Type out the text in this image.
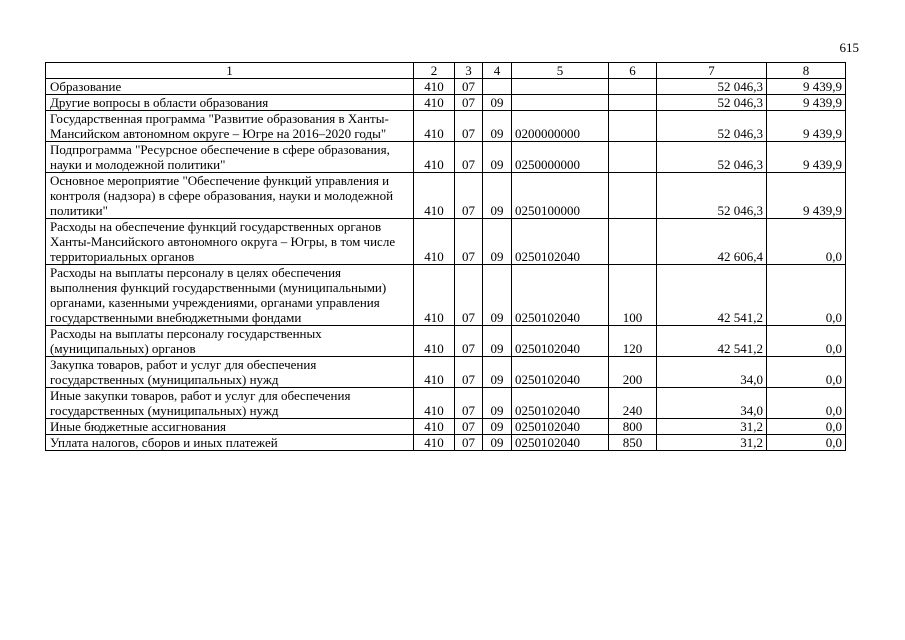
615
1	2	3	4	5	6	7	8
Образование	410	07				52 046,3	9 439,9
Другие вопросы в области образования	410	07	09			52 046,3	9 439,9
Государственная программа "Развитие образования в Ханты-Мансийском автономном округе – Югре на 2016–2020 годы"	410	07	09	0200000000		52 046,3	9 439,9
Подпрограмма "Ресурсное обеспечение в сфере образования, науки и молодежной политики"	410	07	09	0250000000		52 046,3	9 439,9
Основное мероприятие "Обеспечение функций управления и контроля (надзора) в сфере образования, науки и молодежной политики"	410	07	09	0250100000		52 046,3	9 439,9
Расходы на обеспечение функций государственных органов Ханты-Мансийского автономного округа – Югры, в том числе территориальных органов	410	07	09	0250102040		42 606,4	0,0
Расходы на выплаты персоналу в целях обеспечения выполнения функций государственными (муниципальными) органами, казенными учреждениями, органами управления государственными внебюджетными фондами	410	07	09	0250102040	100	42 541,2	0,0
Расходы на выплаты персоналу государственных (муниципальных) органов	410	07	09	0250102040	120	42 541,2	0,0
Закупка товаров, работ и услуг для обеспечения государственных (муниципальных) нужд	410	07	09	0250102040	200	34,0	0,0
Иные закупки товаров, работ и услуг для обеспечения государственных (муниципальных) нужд	410	07	09	0250102040	240	34,0	0,0
Иные бюджетные ассигнования	410	07	09	0250102040	800	31,2	0,0
Уплата налогов, сборов и иных платежей	410	07	09	0250102040	850	31,2	0,0
